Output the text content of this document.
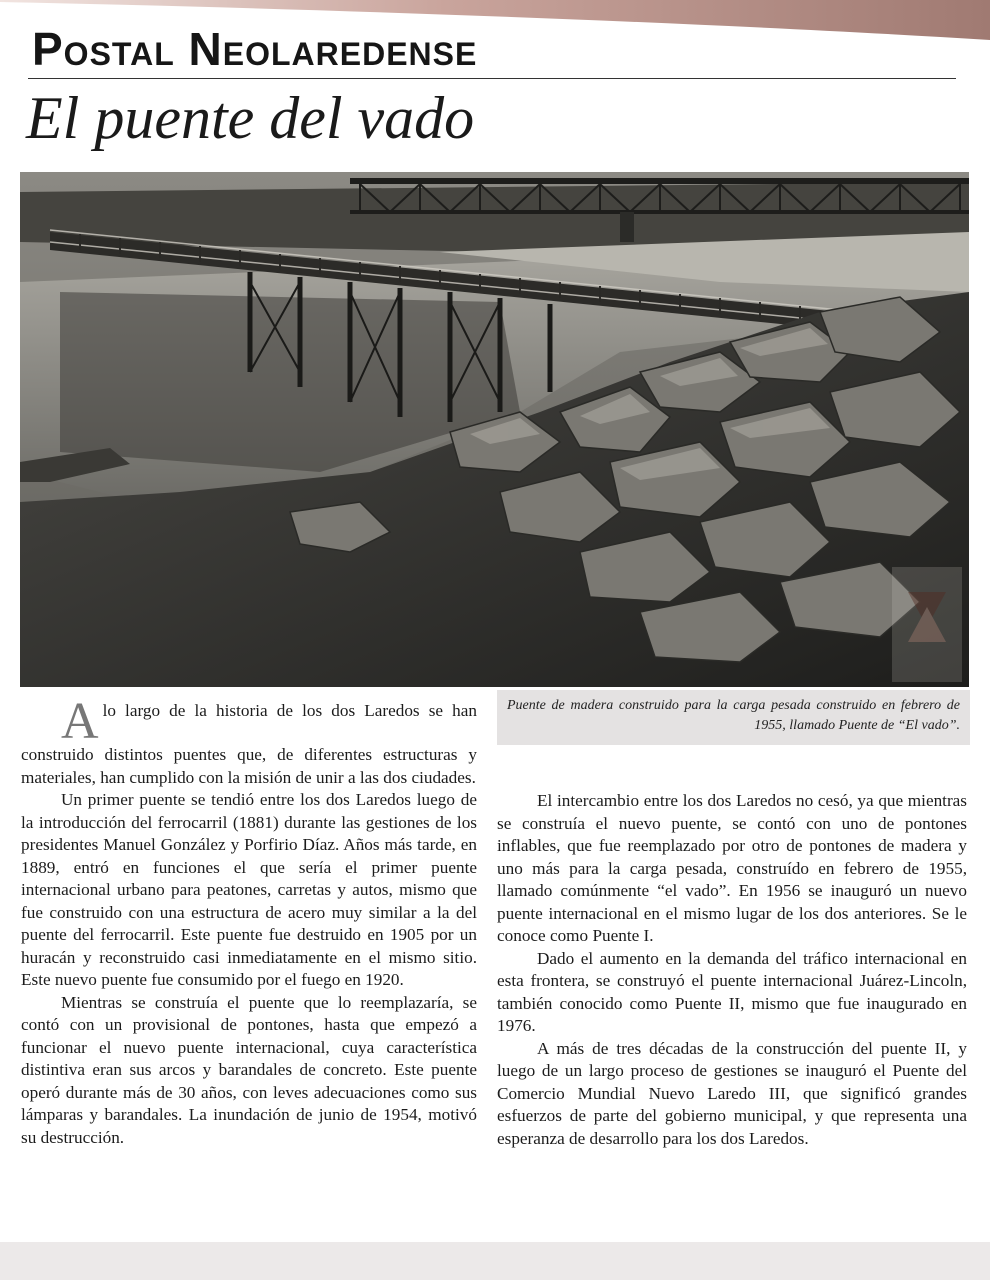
Postal Neolaredense
El puente del vado
Puente de madera construido para la carga pesada construido en febrero de 1955, llamado Puente de “El vado”.

Alo largo de la historia de los dos Laredos se han construido distintos puentes que, de diferentes estructuras y materiales, han cumplido con la misión de unir a las dos ciudades.

Un primer puente se tendió entre los dos Laredos luego de la introducción del ferrocarril (1881) durante las gestiones de los presidentes Manuel González y Porfirio Díaz. Años más tarde, en 1889, entró en funciones el que sería el primer puente internacional urbano para peatones, carretas y autos, mismo que fue construido con una estructura de acero muy similar a la del puente del ferrocarril. Este puente fue destruido en 1905 por un huracán y reconstruido casi inmediatamente en el mismo sitio. Este nuevo puente fue consumido por el fuego en 1920.

Mientras se construía el puente que lo reemplazaría, se contó con un provisional de pontones, hasta que empezó a funcionar el nuevo puente internacional, cuya característica distintiva eran sus arcos y barandales de concreto. Este puente operó durante más de 30 años, con leves adecuaciones como sus lámparas y barandales. La inundación de junio de 1954, motivó su destrucción.

El intercambio entre los dos Laredos no cesó, ya que mientras se construía el nuevo puente, se contó con uno de pontones inflables, que fue reemplazado por otro de pontones de madera y uno más para la carga pesada, construído en febrero de 1955, llamado comúnmente “el vado”. En 1956 se inauguró un nuevo puente internacional en el mismo lugar de los dos anteriores. Se le conoce como Puente I.

Dado el aumento en la demanda del tráfico internacional en esta frontera, se construyó el puente internacional Juárez-Lincoln, también conocido como Puente II, mismo que fue inaugurado en 1976.

A más de tres décadas de la construcción del puente II, y luego de un largo proceso de gestiones se inauguró el Puente del Comercio Mundial Nuevo Laredo III, que significó grandes esfuerzos de parte del gobierno municipal, y que representa una esperanza de desarrollo para los dos Laredos.
